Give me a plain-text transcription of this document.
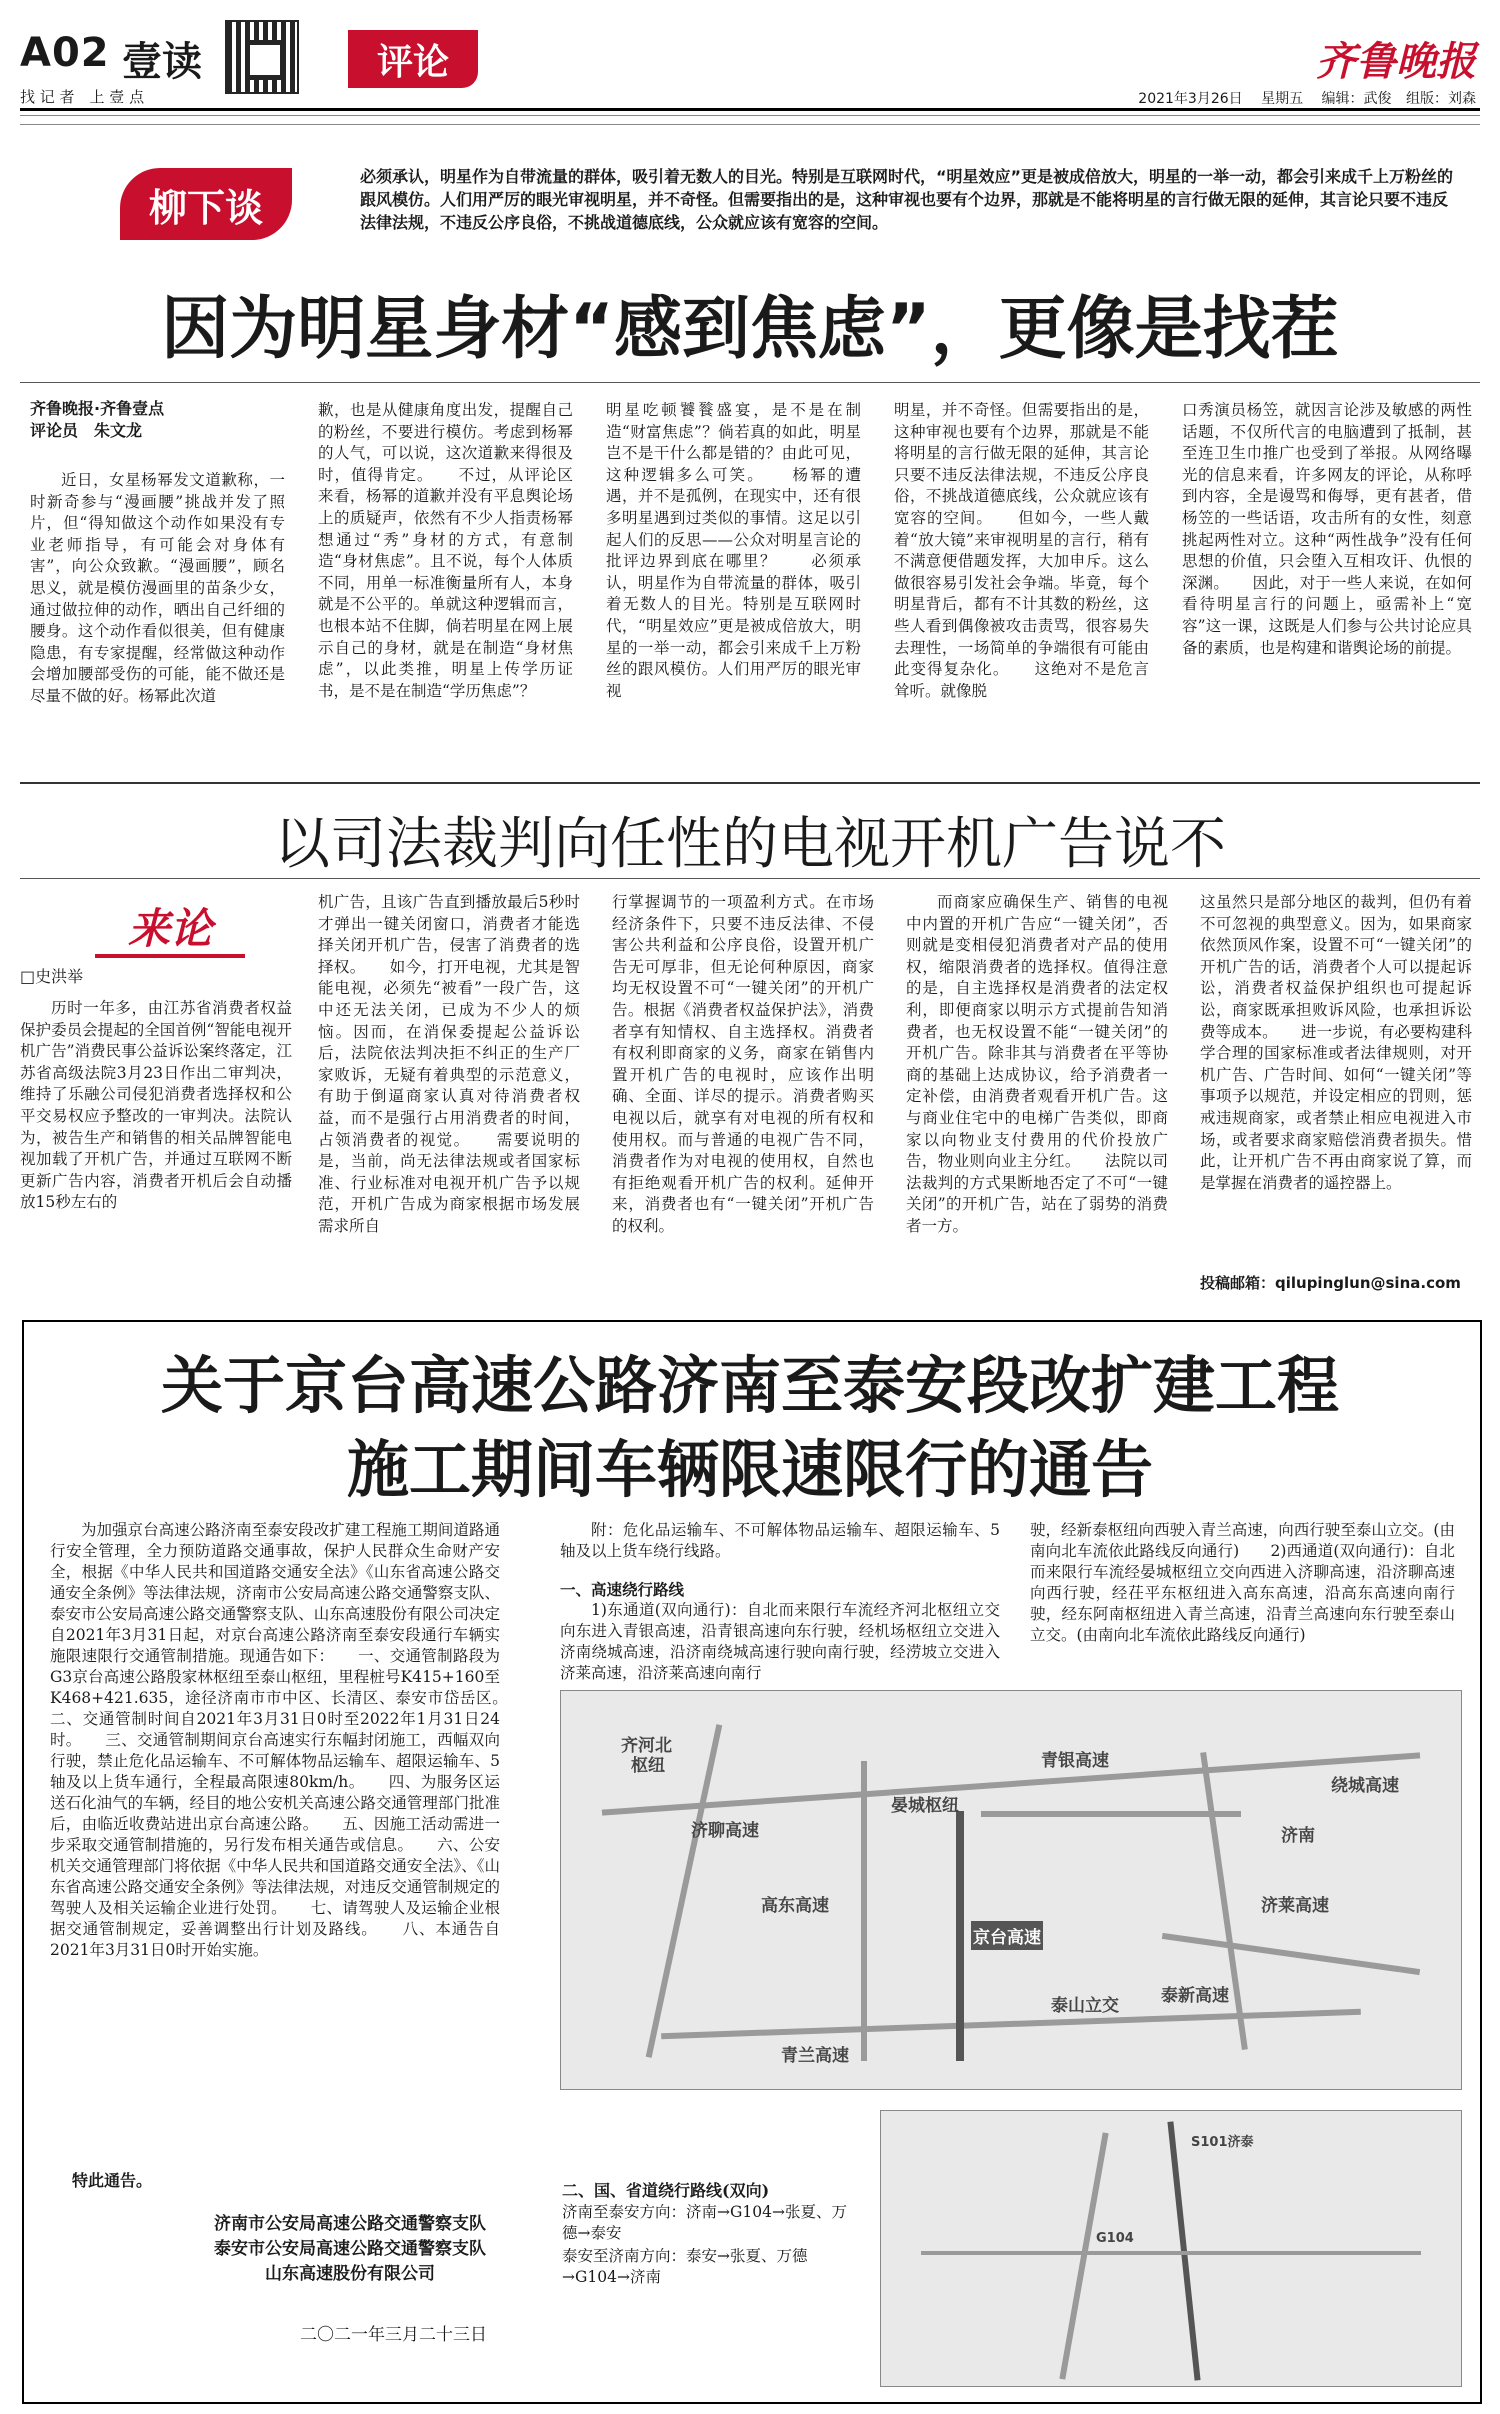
A02 壹读
找 记 者　上 壹 点
评论	齐鲁晚报
2021年3月26日 星期五 编辑：武俊 组版：刘森
柳下谈
必须承认，明星作为自带流量的群体，吸引着无数人的目光。特别是互联网时代，“明星效应”更是被成倍放大，明星的一举一动，都会引来成千上万粉丝的跟风模仿。人们用严厉的眼光审视明星，并不奇怪。但需要指出的是，这种审视也要有个边界，那就是不能将明星的言行做无限的延伸，其言论只要不违反法律法规，不违反公序良俗，不挑战道德底线，公众就应该有宽容的空间。
因为明星身材“感到焦虑”，更像是找茬
齐鲁晚报·齐鲁壹点
评论员　朱文龙

近日，女星杨幂发文道歉称，一时新奇参与“漫画腰”挑战并发了照片，但“得知做这个动作如果没有专业老师指导，有可能会对身体有害”，向公众致歉。“漫画腰”，顾名思义，就是模仿漫画里的苗条少女，通过做拉伸的动作，晒出自己纤细的腰身。这个动作看似很美，但有健康隐患，有专家提醒，经常做这种动作会增加腰部受伤的可能，能不做还是尽量不做的好。杨幂此次道

歉，也是从健康角度出发，提醒自己的粉丝，不要进行模仿。考虑到杨幂的人气，可以说，这次道歉来得很及时，值得肯定。　　不过，从评论区来看，杨幂的道歉并没有平息舆论场上的质疑声，依然有不少人指责杨幂想通过“秀”身材的方式，有意制造“身材焦虑”。且不说，每个人体质不同，用单一标准衡量所有人，本身就是不公平的。单就这种逻辑而言，也根本站不住脚，倘若明星在网上展示自己的身材，就是在制造“身材焦虑”，以此类推，明星上传学历证书，是不是在制造“学历焦虑”？

明星吃顿饕餮盛宴，是不是在制造“财富焦虑”？倘若真的如此，明星岂不是干什么都是错的？由此可见，这种逻辑多么可笑。　　杨幂的遭遇，并不是孤例，在现实中，还有很多明星遇到过类似的事情。这足以引起人们的反思——公众对明星言论的批评边界到底在哪里？　　必须承认，明星作为自带流量的群体，吸引着无数人的目光。特别是互联网时代，“明星效应”更是被成倍放大，明星的一举一动，都会引来成千上万粉丝的跟风模仿。人们用严厉的眼光审视

明星，并不奇怪。但需要指出的是，这种审视也要有个边界，那就是不能将明星的言行做无限的延伸，其言论只要不违反法律法规，不违反公序良俗，不挑战道德底线，公众就应该有宽容的空间。　　但如今，一些人戴着“放大镜”来审视明星的言行，稍有不满意便借题发挥，大加申斥。这么做很容易引发社会争端。毕竟，每个明星背后，都有不计其数的粉丝，这些人看到偶像被攻击责骂，很容易失去理性，一场简单的争端很有可能由此变得复杂化。　　这绝对不是危言耸听。就像脱

口秀演员杨笠，就因言论涉及敏感的两性话题，不仅所代言的电脑遭到了抵制，甚至连卫生巾推广也受到了举报。从网络曝光的信息来看，许多网友的评论，从称呼到内容，全是谩骂和侮辱，更有甚者，借杨笠的一些话语，攻击所有的女性，刻意挑起两性对立。这种“两性战争”没有任何思想的价值，只会堕入互相攻讦、仇恨的深渊。　　因此，对于一些人来说，在如何看待明星言行的问题上，亟需补上“宽容”这一课，这既是人们参与公共讨论应具备的素质，也是构建和谐舆论场的前提。

以司法裁判向任性的电视开机广告说不
来论
□史洪举

历时一年多，由江苏省消费者权益保护委员会提起的全国首例“智能电视开机广告”消费民事公益诉讼案终落定，江苏省高级法院3月23日作出二审判决，维持了乐融公司侵犯消费者选择权和公平交易权应予整改的一审判决。法院认为，被告生产和销售的相关品牌智能电视加载了开机广告，并通过互联网不断更新广告内容，消费者开机后会自动播放15秒左右的

机广告，且该广告直到播放最后5秒时才弹出一键关闭窗口，消费者才能选择关闭开机广告，侵害了消费者的选择权。　　如今，打开电视，尤其是智能电视，必须先“被看”一段广告，这中还无法关闭，已成为不少人的烦恼。因而，在消保委提起公益诉讼后，法院依法判决拒不纠正的生产厂家败诉，无疑有着典型的示范意义，有助于倒逼商家认真对待消费者权益，而不是强行占用消费者的时间，占领消费者的视觉。　　需要说明的是，当前，尚无法律法规或者国家标准、行业标准对电视开机广告予以规范，开机广告成为商家根据市场发展需求所自

行掌握调节的一项盈利方式。在市场经济条件下，只要不违反法律、不侵害公共利益和公序良俗，设置开机广告无可厚非，但无论何种原因，商家均无权设置不可“一键关闭”的开机广告。根据《消费者权益保护法》，消费者享有知情权、自主选择权。消费者有权利即商家的义务，商家在销售内置开机广告的电视时，应该作出明确、全面、详尽的提示。消费者购买电视以后，就享有对电视的所有权和使用权。而与普通的电视广告不同，消费者作为对电视的使用权，自然也有拒绝观看开机广告的权利。延伸开来，消费者也有“一键关闭”开机广告的权利。

而商家应确保生产、销售的电视中内置的开机广告应“一键关闭”，否则就是变相侵犯消费者对产品的使用权，缩限消费者的选择权。值得注意的是，自主选择权是消费者的法定权利，即便商家以明示方式提前告知消费者，也无权设置不能“一键关闭”的开机广告。除非其与消费者在平等协商的基础上达成协议，给予消费者一定补偿，由消费者观看开机广告。这与商业住宅中的电梯广告类似，即商家以向物业支付费用的代价投放广告，物业则向业主分红。　　法院以司法裁判的方式果断地否定了不可“一键关闭”的开机广告，站在了弱势的消费者一方。

这虽然只是部分地区的裁判，但仍有着不可忽视的典型意义。因为，如果商家依然顶风作案，设置不可“一键关闭”的开机广告的话，消费者个人可以提起诉讼，消费者权益保护组织也可提起诉讼，商家既承担败诉风险，也承担诉讼费等成本。　　进一步说，有必要构建科学合理的国家标准或者法律规则，对开机广告、广告时间、如何“一键关闭”等事项予以规范，并设定相应的罚则，惩戒违规商家，或者禁止相应电视进入市场，或者要求商家赔偿消费者损失。惜此，让开机广告不再由商家说了算，而是掌握在消费者的遥控器上。

投稿邮箱：qilupinglun@sina.com
关于京台高速公路济南至泰安段改扩建工程
施工期间车辆限速限行的通告

为加强京台高速公路济南至泰安段改扩建工程施工期间道路通行安全管理，全力预防道路交通事故，保护人民群众生命财产安全，根据《中华人民共和国道路交通安全法》《山东省高速公路交通安全条例》等法律法规，济南市公安局高速公路交通警察支队、泰安市公安局高速公路交通警察支队、山东高速股份有限公司决定自2021年3月31日起，对京台高速公路济南至泰安段通行车辆实施限速限行交通管制措施。现通告如下：　　一、交通管制路段为G3京台高速公路殷家林枢纽至泰山枢纽，里程桩号K415+160至K468+421.635，途径济南市市中区、长清区、泰安市岱岳区。　　二、交通管制时间自2021年3月31日0时至2022年1月31日24时。　　三、交通管制期间京台高速实行东幅封闭施工，西幅双向行驶，禁止危化品运输车、不可解体物品运输车、超限运输车、5轴及以上货车通行，全程最高限速80km/h。　　四、为服务区运送石化油气的车辆，经目的地公安机关高速公路交通管理部门批准后，由临近收费站进出京台高速公路。　　五、因施工活动需进一步采取交通管制措施的，另行发布相关通告或信息。　　六、公安机关交通管理部门将依据《中华人民共和国道路交通安全法》、《山东省高速公路交通安全条例》等法律法规，对违反交通管制规定的驾驶人及相关运输企业进行处罚。　　七、请驾驶人及运输企业根据交通管制规定，妥善调整出行计划及路线。　　八、本通告自2021年3月31日0时开始实施。

特此通告。
济南市公安局高速公路交通警察支队
泰安市公安局高速公路交通警察支队
山东高速股份有限公司
二〇二一年三月二十三日

附：危化品运输车、不可解体物品运输车、超限运输车、5轴及以上货车绕行线路。

一、高速绕行路线

1)东通道(双向通行)：自北而来限行车流经齐河北枢纽立交向东进入青银高速，沿青银高速向东行驶，经机场枢纽立交进入济南绕城高速，沿济南绕城高速行驶向南行驶，经涝坡立交进入济莱高速，沿济莱高速向南行

驶，经新泰枢纽向西驶入青兰高速，向西行驶至泰山立交。(由南向北车流依此路线反向通行)　　2)西通道(双向通行)：自北而来限行车流经晏城枢纽立交向西进入济聊高速，沿济聊高速向西行驶，经茌平东枢纽进入高东高速，沿高东高速向南行驶，经东阿南枢纽进入青兰高速，沿青兰高速向东行驶至泰山立交。(由南向北车流依此路线反向通行)

齐河北
枢纽	青银高速
济聊高速
晏城枢纽
济南
绕城高速
济莱高速
高东高速
京台高速
泰山立交 泰新高速
青兰高速
二、国、省道绕行路线(双向)
济南至泰安方向：济南→G104→张夏、万德→泰安
泰安至济南方向：泰安→张夏、万德→G104→济南
S101济泰
G104
